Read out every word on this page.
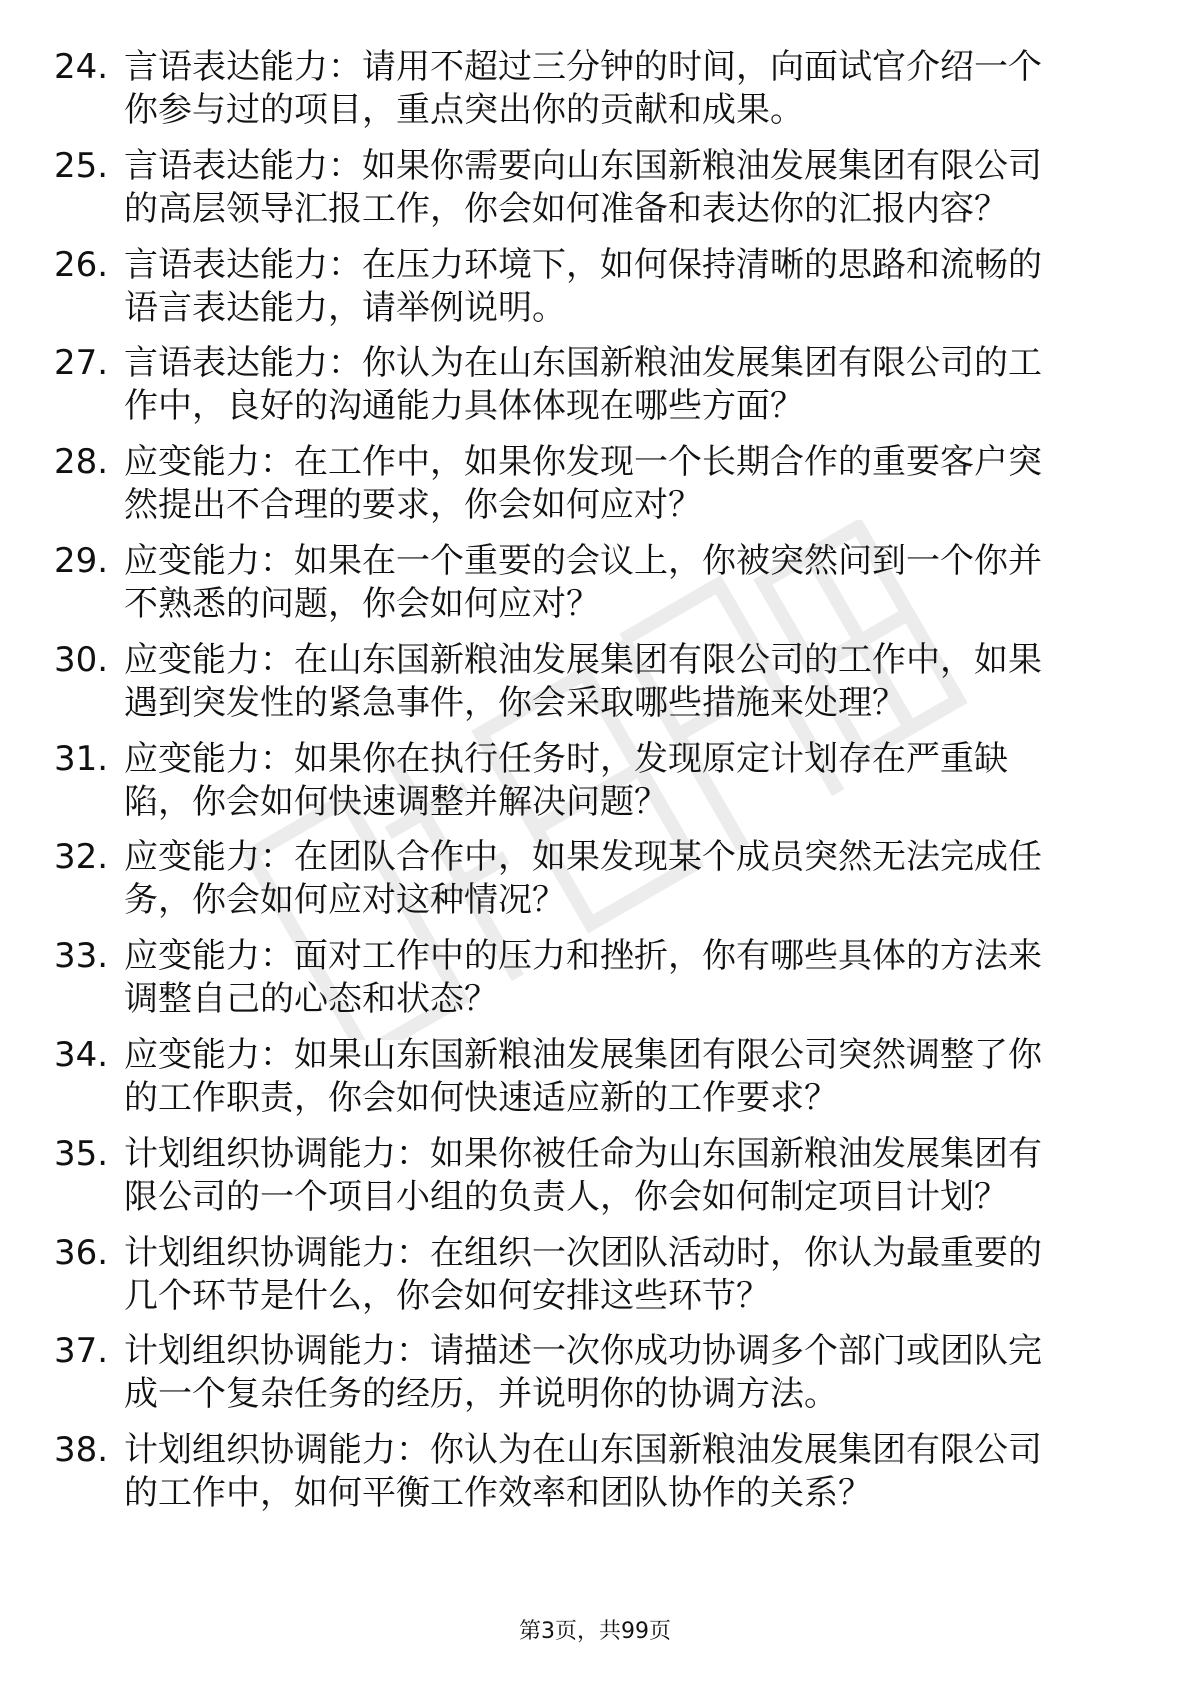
24. 言语表达能力：请用不超过三分钟的时间，向面试官介绍一个你参与过的项目，重点突出你的贡献和成果。
25. 言语表达能力：如果你需要向山东国新粮油发展集团有限公司的高层领导汇报工作，你会如何准备和表达你的汇报内容？
26. 言语表达能力：在压力环境下，如何保持清晰的思路和流畅的语言表达能力，请举例说明。
27. 言语表达能力：你认为在山东国新粮油发展集团有限公司的工作中，良好的沟通能力具体体现在哪些方面？
28. 应变能力：在工作中，如果你发现一个长期合作的重要客户突然提出不合理的要求，你会如何应对？
29. 应变能力：如果在一个重要的会议上，你被突然问到一个你并不熟悉的问题，你会如何应对？
30. 应变能力：在山东国新粮油发展集团有限公司的工作中，如果遇到突发性的紧急事件，你会采取哪些措施来处理？
31. 应变能力：如果你在执行任务时，发现原定计划存在严重缺陷，你会如何快速调整并解决问题？
32. 应变能力：在团队合作中，如果发现某个成员突然无法完成任务，你会如何应对这种情况？
33. 应变能力：面对工作中的压力和挫折，你有哪些具体的方法来调整自己的心态和状态？
34. 应变能力：如果山东国新粮油发展集团有限公司突然调整了你的工作职责，你会如何快速适应新的工作要求？
35. 计划组织协调能力：如果你被任命为山东国新粮油发展集团有限公司的一个项目小组的负责人，你会如何制定项目计划？
36. 计划组织协调能力：在组织一次团队活动时，你认为最重要的几个环节是什么，你会如何安排这些环节？
37. 计划组织协调能力：请描述一次你成功协调多个部门或团队完成一个复杂任务的经历，并说明你的协调方法。
38. 计划组织协调能力：你认为在山东国新粮油发展集团有限公司的工作中，如何平衡工作效率和团队协作的关系？
第3页，共99页
